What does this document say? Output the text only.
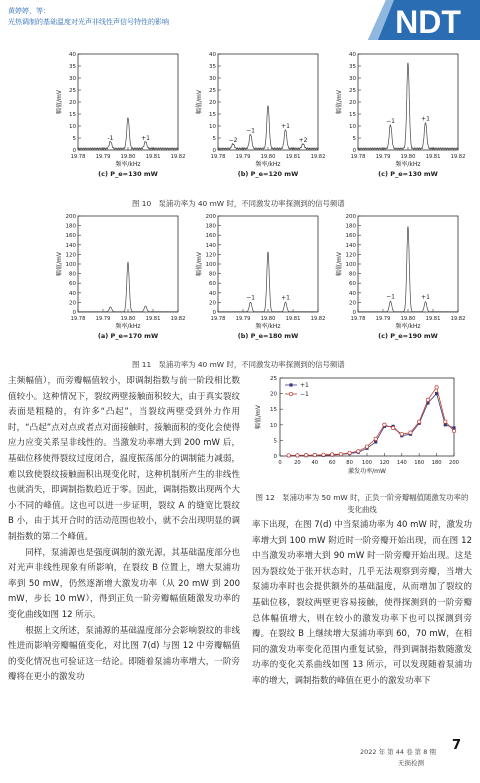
黄婷婷，等：
光热调制的基础温度对光声非线性声信号特性的影响	NDT
0
5
10
15
20
25
30
35
40
19.78 19.79 19.80 19.81 19.82
幅值/mV
频率/kHz
-1	+1
(c) P_e=130 mW
0
5
10
15
20
25
30
35
40
19.78 19.79 19.80 19.81 19.82
幅值/mV
频率/kHz
−2
−1
+1
+2
(b) P_e=120 mW
0
5
10
15
20
25
30
35
40
19.78 19.79 19.80 19.81 19.82
幅值/mV
频率/kHz
−1	+1
(c) P_e=130 mW
图 10　泵浦功率为 40 mW 时，不同激发功率探测到的信号频谱
0
20
40
60
80
100
120
140
160
180
200
19.78 19.79 19.80 19.81 19.82
幅值/mV
频率/kHz
(a) P_e=170 mW
0
20
40
60
80
100
120
140
160
180
200
19.78 19.79 19.80 19.81 19.82
幅值/mV
频率/kHz
−1	+1
(b) P_e=180 mW
0
20
40
60
80
100
120
140
160
180
200
19.78 19.79 19.80 19.81 19.82
幅值/mV
频率/kHz
−1	+1
(c) P_e=190 mW
图 11　泵浦功率为 40 mW 时，不同激发功率探测到的信号频谱
主频幅值），而旁瓣幅值较小，即调制指数与前一阶段相比数值较小。这种情况下，裂纹两壁接触面积较大，由于真实裂纹表面是粗糙的，有许多“凸起”，当裂纹两壁受到外力作用时，“凸起”点对点或者点对面接触时，接触面积的变化会使得应力应变关系呈非线性的。当激发功率增大到 200 mW 后，基础位移使得裂纹过度闭合，温度振荡部分的调制能力减弱，难以致使裂纹接触面积出现变化时，这种机制所产生的非线性也就消失，即调制指数趋近于零。因此，调制指数出现两个大小不同的峰值。这也可以进一步证明，裂纹 A 的缝宽比裂纹 B 小，由于其开合时的活动范围也较小，就不会出现明显的调制指数的第二个峰值。
　　同样，泵浦源也是强度调制的激光源，其基础温度部分也对光声非线性现象有所影响，在裂纹 B 位置上，增大泵浦功率到 50 mW，仍然逐渐增大激发功率（从 20 mW 到 200 mW，步长 10 mW），得到正负一阶旁瓣幅值随激发功率的变化曲线如图 12 所示。
　　根据上文所述，泵浦源的基础温度部分会影响裂纹的非线性进而影响旁瓣幅值变化，对比图 7(d) 与图 12 中旁瓣幅值的变化情况也可验证这一结论。即随着泵浦功率增大，一阶旁瓣将在更小的激发功
0
5
10
15
20
25
0 20 40 60 80 100 120 140 160 180 200
幅值/mV
激发功率/mW
+1
−1
图 12　泵浦功率为 50 mW 时，正负一阶旁瓣幅值随激发功率的变化曲线
率下出现，在图 7(d) 中当泵浦功率为 40 mW 时，激发功率增大到 100 mW 附近时一阶旁瓣开始出现，而在图 12 中当激发功率增大到 90 mW 时一阶旁瓣开始出现。这是因为裂纹处于张开状态时，几乎无法观察到旁瓣，当增大泵浦功率时也会提供额外的基础温度，从而增加了裂纹的基础位移，裂纹两壁更容易接触，使得探测到的一阶旁瓣总体幅值增大，则在较小的激发功率下也可以探测到旁瓣。在裂纹 B 上继续增大泵浦功率到 60，70 mW，在相同的激发功率变化范围内重复试验，得到调制指数随激发功率的变化关系曲线如图 13 所示，可以发现随着泵浦功率的增大，调制指数的峰值在更小的激发功率下
2022 年 第 44 卷 第 8 期
无损检测
7
